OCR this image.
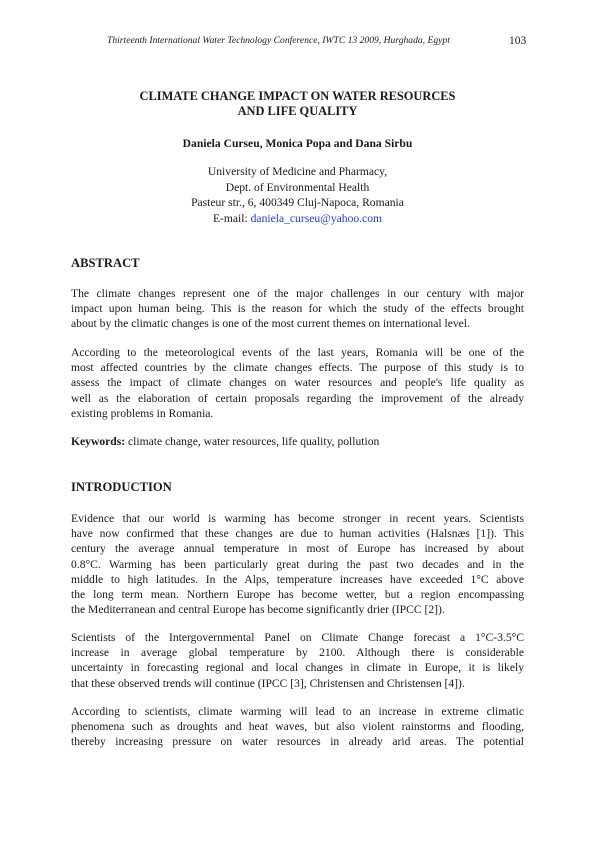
Thirteenth International Water Technology Conference, IWTC 13 2009, Hurghada, Egypt	103
CLIMATE CHANGE IMPACT ON WATER RESOURCES
AND LIFE QUALITY
Daniela Curseu, Monica Popa and Dana Sirbu
University of Medicine and Pharmacy,
Dept. of Environmental Health
Pasteur str., 6, 400349 Cluj-Napoca, Romania
E-mail: daniela_curseu@yahoo.com
ABSTRACT
The climate changes represent one of the major challenges in our century with major
impact upon human being. This is the reason for which the study of the effects brought
about by the climatic changes is one of the most current themes on international level.
According to the meteorological events of the last years, Romania will be one of the
most affected countries by the climate changes effects. The purpose of this study is to
assess the impact of climate changes on water resources and people's life quality as
well as the elaboration of certain proposals regarding the improvement of the already
existing problems in Romania.
Keywords: climate change, water resources, life quality, pollution
INTRODUCTION
Evidence that our world is warming has become stronger in recent years. Scientists
have now confirmed that these changes are due to human activities (Halsnæs [1]). This
century the average annual temperature in most of Europe has increased by about
0.8°C. Warming has been particularly great during the past two decades and in the
middle to high latitudes. In the Alps, temperature increases have exceeded 1°C above
the long term mean. Northern Europe has become wetter, but a region encompassing
the Mediterranean and central Europe has become significantly drier (IPCC [2]).
Scientists of the Intergovernmental Panel on Climate Change forecast a 1°C-3.5°C
increase in average global temperature by 2100. Although there is considerable
uncertainty in forecasting regional and local changes in climate in Europe, it is likely
that these observed trends will continue (IPCC [3], Christensen and Christensen [4]).
According to scientists, climate warming will lead to an increase in extreme climatic
phenomena such as droughts and heat waves, but also violent rainstorms and flooding,
thereby increasing pressure on water resources in already arid areas. The potential
